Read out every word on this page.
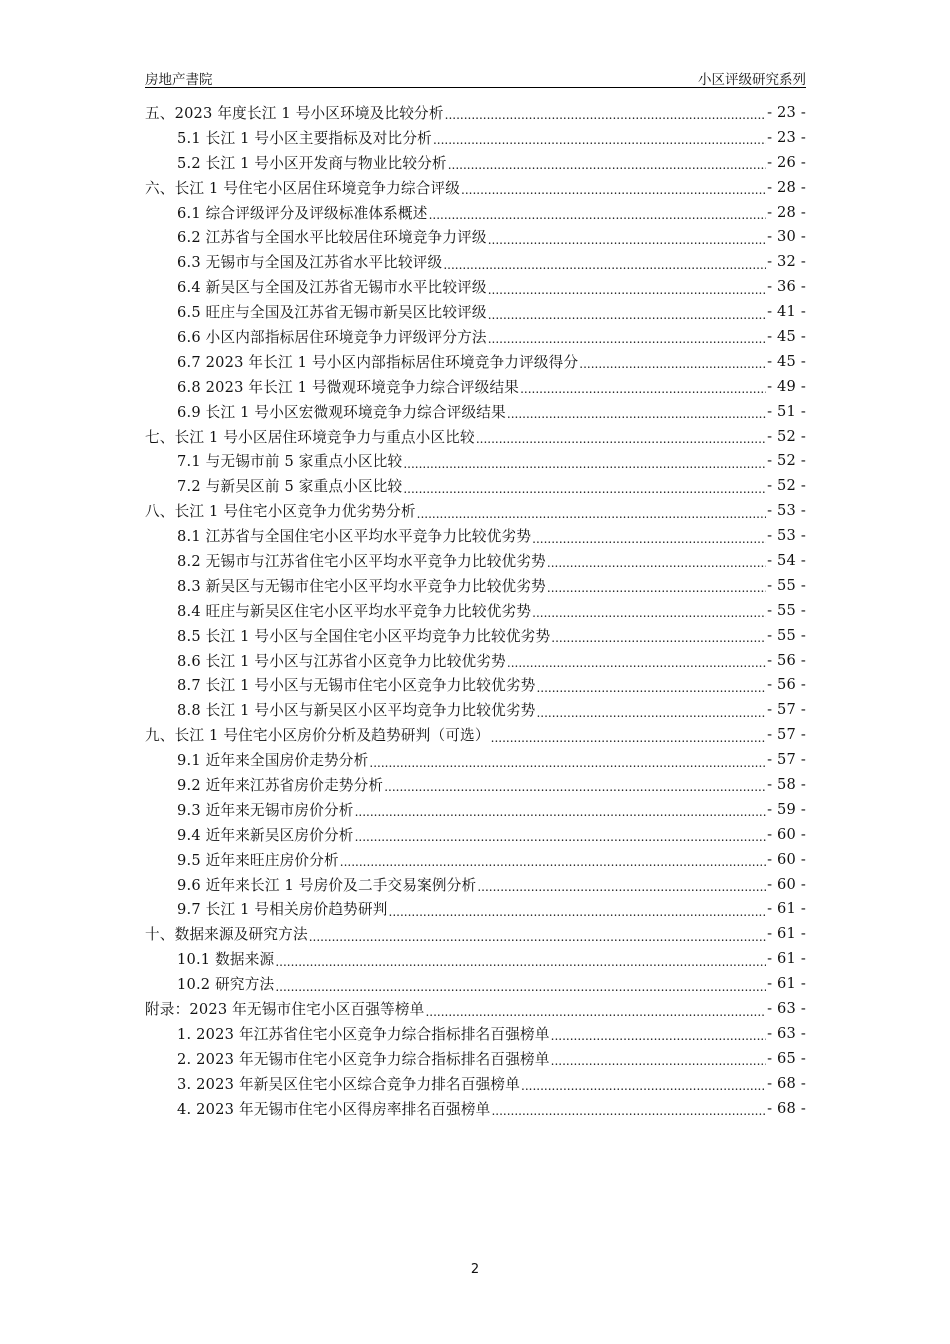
房地产書院	小区评级研究系列
五、2023 年度长江 1 号小区环境及比较分析 .....	- 23 -
5.1 长江 1 号小区主要指标及对比分析 .....	- 23 -
5.2 长江 1 号小区开发商与物业比较分析 .....	- 26 -
六、长江 1 号住宅小区居住环境竞争力综合评级 .....	- 28 -
6.1 综合评级评分及评级标准体系概述 .....	- 28 -
6.2 江苏省与全国水平比较居住环境竞争力评级 .....	- 30 -
6.3 无锡市与全国及江苏省水平比较评级 .....	- 32 -
6.4 新吴区与全国及江苏省无锡市水平比较评级 .....	- 36 -
6.5 旺庄与全国及江苏省无锡市新吴区比较评级 .....	- 41 -
6.6 小区内部指标居住环境竞争力评级评分方法 .....	- 45 -
6.7 2023 年长江 1 号小区内部指标居住环境竞争力评级得分 .....	- 45 -
6.8 2023 年长江 1 号微观环境竞争力综合评级结果 .....	- 49 -
6.9 长江 1 号小区宏微观环境竞争力综合评级结果 .....	- 51 -
七、长江 1 号小区居住环境竞争力与重点小区比较 .....	- 52 -
7.1 与无锡市前 5 家重点小区比较 .....	- 52 -
7.2 与新吴区前 5 家重点小区比较 .....	- 52 -
八、长江 1 号住宅小区竞争力优劣势分析 .....	- 53 -
8.1 江苏省与全国住宅小区平均水平竞争力比较优劣势 .....	- 53 -
8.2 无锡市与江苏省住宅小区平均水平竞争力比较优劣势 .....	- 54 -
8.3 新吴区与无锡市住宅小区平均水平竞争力比较优劣势 .....	- 55 -
8.4 旺庄与新吴区住宅小区平均水平竞争力比较优劣势 .....	- 55 -
8.5 长江 1 号小区与全国住宅小区平均竞争力比较优劣势 .....	- 55 -
8.6 长江 1 号小区与江苏省小区竞争力比较优劣势 .....	- 56 -
8.7 长江 1 号小区与无锡市住宅小区竞争力比较优劣势 .....	- 56 -
8.8 长江 1 号小区与新吴区小区平均竞争力比较优劣势 .....	- 57 -
九、长江 1 号住宅小区房价分析及趋势研判（可选） .....	- 57 -
9.1 近年来全国房价走势分析 .....	- 57 -
9.2 近年来江苏省房价走势分析 .....	- 58 -
9.3 近年来无锡市房价分析 .....	- 59 -
9.4 近年来新吴区房价分析 .....	- 60 -
9.5 近年来旺庄房价分析 .....	- 60 -
9.6 近年来长江 1 号房价及二手交易案例分析 .....	- 60 -
9.7 长江 1 号相关房价趋势研判 .....	- 61 -
十、数据来源及研究方法 .....	- 61 -
10.1 数据来源 .....	- 61 -
10.2 研究方法 .....	- 61 -
附录：2023 年无锡市住宅小区百强等榜单 .....	- 63 -
1. 2023 年江苏省住宅小区竞争力综合指标排名百强榜单 .....	- 63 -
2. 2023 年无锡市住宅小区竞争力综合指标排名百强榜单 .....	- 65 -
3. 2023 年新吴区住宅小区综合竞争力排名百强榜单 .....	- 68 -
4. 2023 年无锡市住宅小区得房率排名百强榜单 .....	- 68 -
2
